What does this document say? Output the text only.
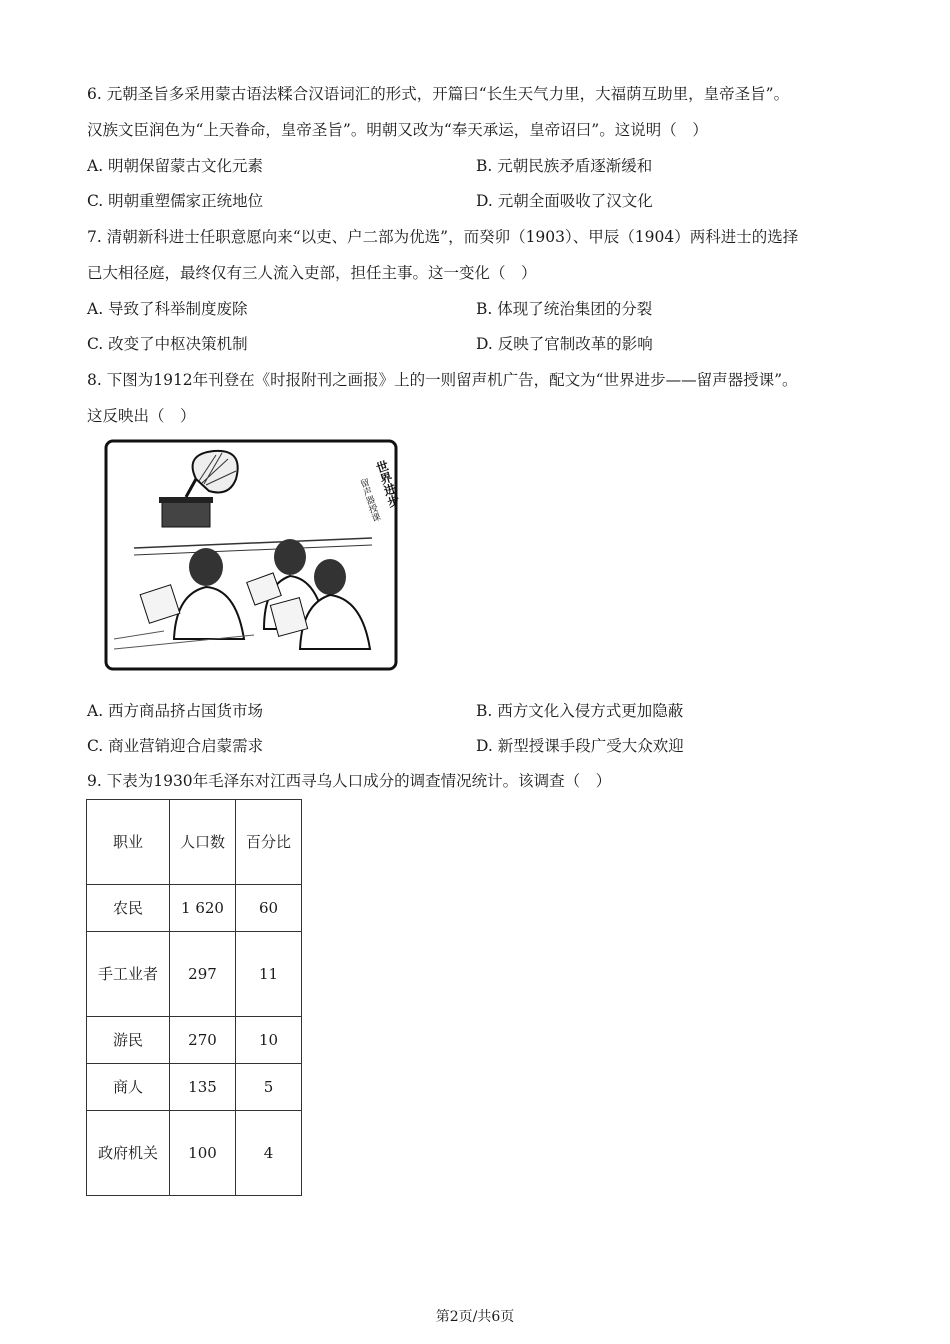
6. 元朝圣旨多采用蒙古语法糅合汉语词汇的形式，开篇曰“长生天气力里，大福荫互助里，皇帝圣旨”。
汉族文臣润色为“上天眷命，皇帝圣旨”。明朝又改为“奉天承运，皇帝诏曰”。这说明（　）
A. 明朝保留蒙古文化元素	B. 元朝民族矛盾逐渐缓和
C. 明朝重塑儒家正统地位	D. 元朝全面吸收了汉文化
7. 清朝新科进士任职意愿向来“以吏、户二部为优选”，而癸卯（1903）、甲辰（1904）两科进士的选择
已大相径庭，最终仅有三人流入吏部，担任主事。这一变化（　）
A. 导致了科举制度废除	B. 体现了统治集团的分裂
C. 改变了中枢决策机制	D. 反映了官制改革的影响
8. 下图为1912年刊登在《时报附刊之画报》上的一则留声机广告，配文为“世界进步——留声器授课”。
这反映出（　）
世界进步
留声器授课
A. 西方商品挤占国货市场	B. 西方文化入侵方式更加隐蔽
C. 商业营销迎合启蒙需求	D. 新型授课手段广受大众欢迎
9. 下表为1930年毛泽东对江西寻乌人口成分的调查情况统计。该调查（　）
职业	人口数	百分比
农民	1 620	60
手工业者	297	11
游民	270	10
商人	135	5
政府机关	100	4
第2页/共6页
